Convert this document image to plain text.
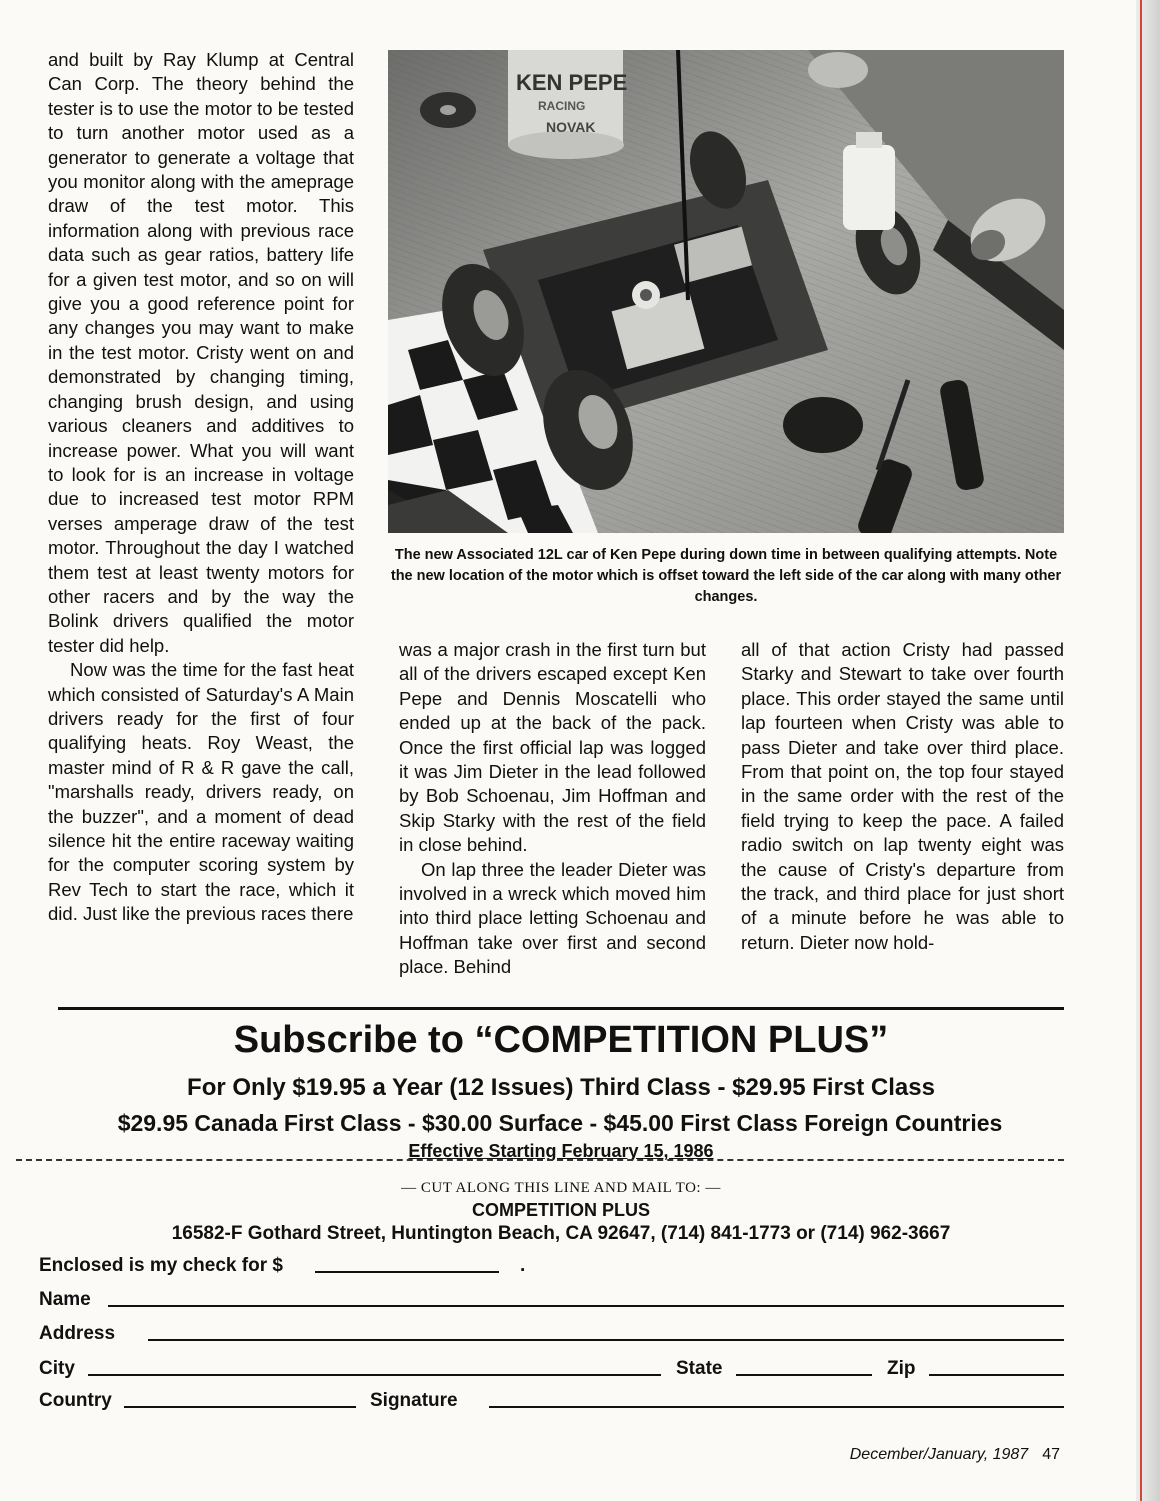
and built by Ray Klump at Central Can Corp. The theory behind the tester is to use the motor to be tested to turn another motor used as a generator to generate a voltage that you monitor along with the ameprage draw of the test motor. This information along with previous race data such as gear ratios, battery life for a given test motor, and so on will give you a good reference point for any changes you may want to make in the test motor. Cristy went on and demonstrated by changing timing, changing brush design, and using various cleaners and additives to increase power. What you will want to look for is an increase in voltage due to increased test motor RPM verses amperage draw of the test motor. Throughout the day I watched them test at least twenty motors for other racers and by the way the Bolink drivers qualified the motor tester did help.

Now was the time for the fast heat which consisted of Saturday's A Main drivers ready for the first of four qualifying heats. Roy Weast, the master mind of R & R gave the call, "marshalls ready, drivers ready, on the buzzer", and a moment of dead silence hit the entire raceway waiting for the computer scoring system by Rev Tech to start the race, which it did. Just like the previous races there

KEN PEPE
RACING
NOVAK
The new Associated 12L car of Ken Pepe during down time in between qualifying attempts. Note the new location of the motor which is offset toward the left side of the car along with many other changes.

was a major crash in the first turn but all of the drivers escaped except Ken Pepe and Dennis Moscatelli who ended up at the back of the pack. Once the first official lap was logged it was Jim Dieter in the lead followed by Bob Schoenau, Jim Hoffman and Skip Starky with the rest of the field in close behind.

On lap three the leader Dieter was involved in a wreck which moved him into third place letting Schoenau and Hoffman take over first and second place. Behind

all of that action Cristy had passed Starky and Stewart to take over fourth place. This order stayed the same until lap fourteen when Cristy was able to pass Dieter and take over third place. From that point on, the top four stayed in the same order with the rest of the field trying to keep the pace. A failed radio switch on lap twenty eight was the cause of Cristy's departure from the track, and third place for just short of a minute before he was able to return. Dieter now hold-

Subscribe to “COMPETITION PLUS”
For Only $19.95 a Year (12 Issues) Third Class - $29.95 First Class
$29.95 Canada First Class - $30.00 Surface - $45.00 First Class Foreign Countries
Effective Starting February 15, 1986
— CUT ALONG THIS LINE AND MAIL TO: —
COMPETITION PLUS
16582-F Gothard Street, Huntington Beach, CA 92647, (714) 841-1773 or (714) 962-3667
Enclosed is my check for $	.
Name
Address
City	State	Zip
Country	Signature
December/January, 1987 47
